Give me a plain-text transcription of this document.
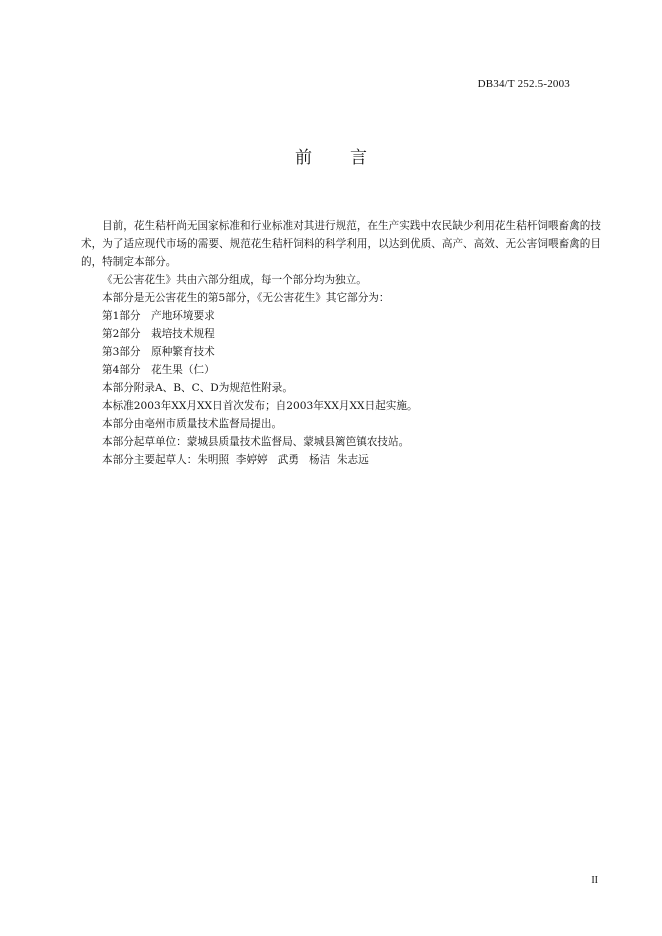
DB34/T 252.5-2003
前 言

目前，花生秸杆尚无国家标准和行业标准对其进行规范，在生产实践中农民缺少利用花生秸杆饲喂畜禽的技术，为了适应现代市场的需要、规范花生秸杆饲料的科学利用，以达到优质、高产、高效、无公害饲喂畜禽的目的，特制定本部分。

《无公害花生》共由六部分组成，每一个部分均为独立。

本部分是无公害花生的第5部分，《无公害花生》其它部分为：

第1部分　产地环境要求

第2部分　栽培技术规程

第3部分　原种繁育技术

第4部分　花生果（仁）

本部分附录A、B、C、D为规范性附录。

本标准2003年XX月XX日首次发布；自2003年XX月XX日起实施。

本部分由亳州市质量技术监督局提出。

本部分起草单位：蒙城县质量技术监督局、蒙城县篱笆镇农技站。

本部分主要起草人：朱明照  李婷婷   武勇   杨洁  朱志远

II
